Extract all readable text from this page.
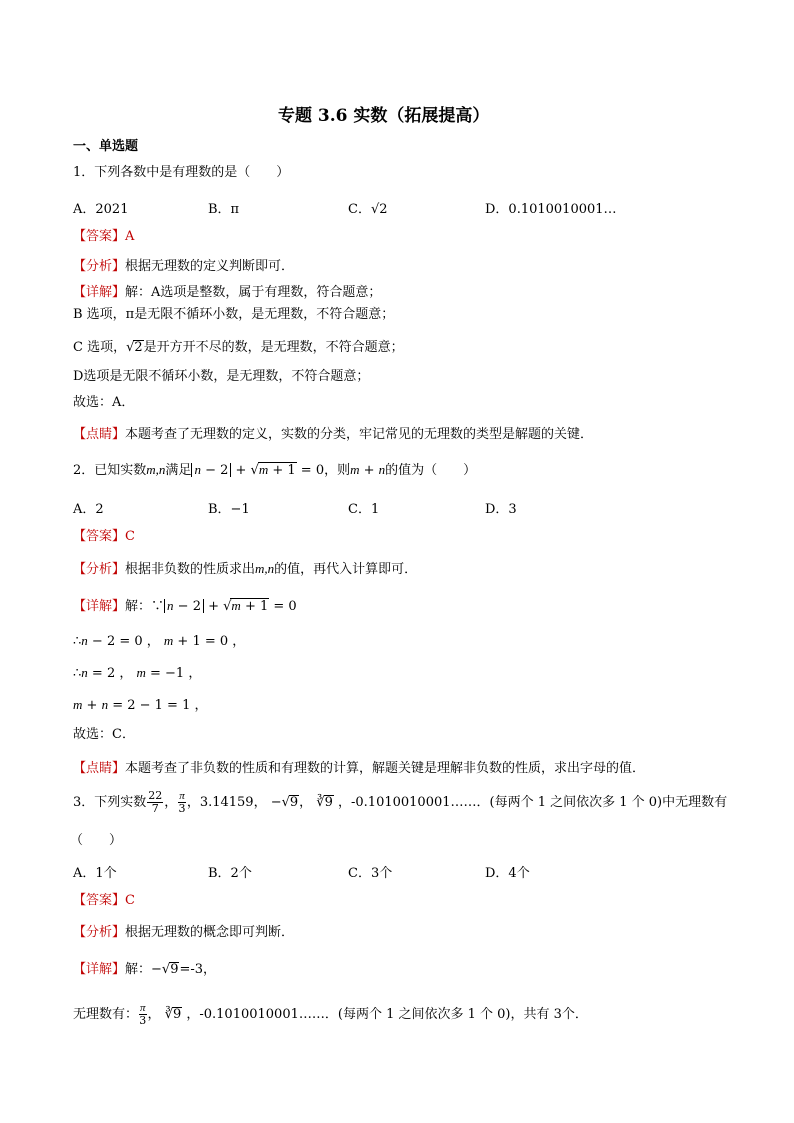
专题 3.6 实数（拓展提高）
一、单选题
1．下列各数中是有理数的是（　　）
A．2021	B．π	C．√2	D．0.1010010001…
【答案】A
【分析】根据无理数的定义判断即可．
【详解】解：A选项是整数，属于有理数，符合题意；
B 选项，π是无限不循环小数，是无理数，不符合题意；
C 选项，√2是开方开不尽的数，是无理数，不符合题意；
D选项是无限不循环小数，是无理数，不符合题意；
故选：A．
【点睛】本题考查了无理数的定义，实数的分类，牢记常见的无理数的类型是解题的关键．
2．已知实数m,n满足 n − 2 + √m + 1 = 0，则m + n的值为（　　）
A．2	B．−1	C．1	D．3
【答案】C
【分析】根据非负数的性质求出m,n的值，再代入计算即可．
【详解】解：∵ n − 2 + √m + 1 = 0
∴n − 2 = 0 ， m + 1 = 0 ，
∴n = 2 ， m = −1 ，
m + n = 2 − 1 = 1 ，
故选：C．
【点睛】本题考查了非负数的性质和有理数的计算，解题关键是理解非负数的性质，求出字母的值．
3．下列实数 $\frac{22}{7}$ ， $\frac{\pi}{3}$ ，3.14159， −√9， ∛9 ，-0.1010010001……．(每两个 1 之间依次多 1 个 0)中无理数有
（　　）
A．1个	B．2个	C．3个	D．4个
【答案】C
【分析】根据无理数的概念即可判断．
【详解】解：−√9=-3，
无理数有： $\frac{\pi}{3}$ ， ∛9 ，-0.1010010001……．(每两个 1 之间依次多 1 个 0)，共有 3个．
